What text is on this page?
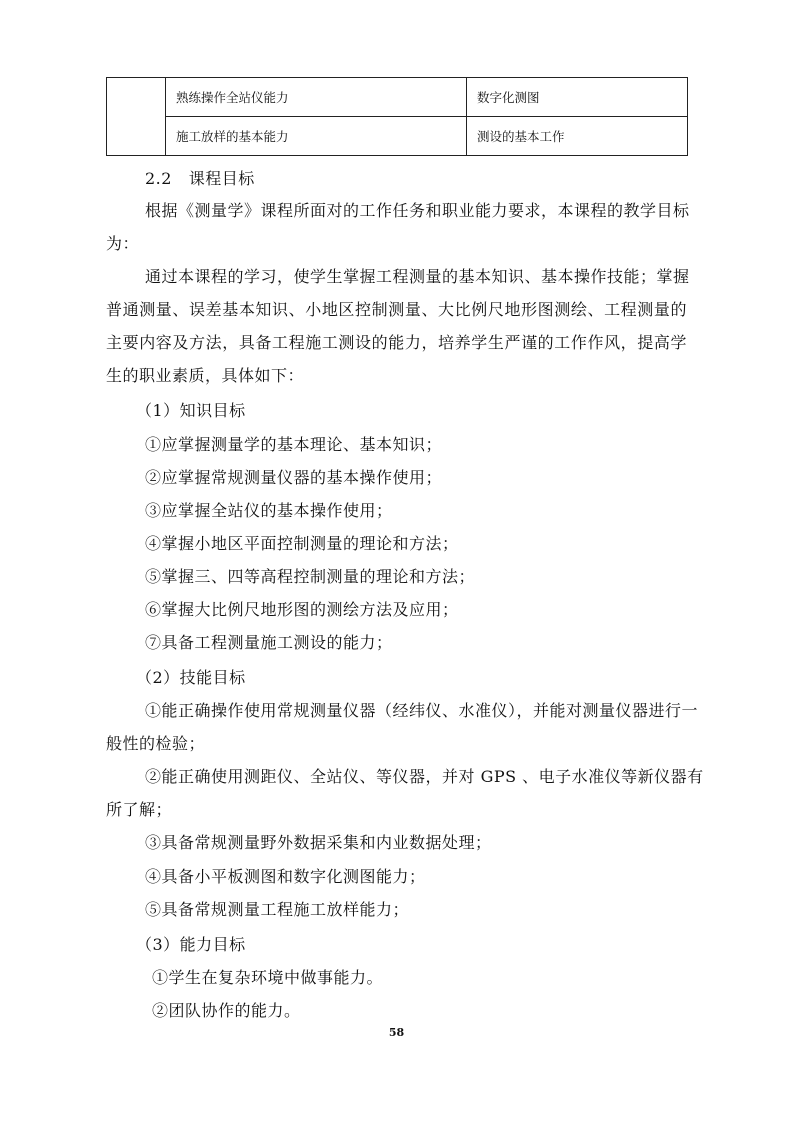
	熟练操作全站仪能力	数字化测图
	施工放样的基本能力	测设的基本工作
2.2 课程目标
根据《测量学》课程所面对的工作任务和职业能力要求，本课程的教学目标
为：
通过本课程的学习，使学生掌握工程测量的基本知识、基本操作技能；掌握
普通测量、误差基本知识、小地区控制测量、大比例尺地形图测绘、工程测量的
主要内容及方法，具备工程施工测设的能力，培养学生严谨的工作作风，提高学
生的职业素质，具体如下：
（1）知识目标
①应掌握测量学的基本理论、基本知识；
②应掌握常规测量仪器的基本操作使用；
③应掌握全站仪的基本操作使用；
④掌握小地区平面控制测量的理论和方法；
⑤掌握三、四等高程控制测量的理论和方法；
⑥掌握大比例尺地形图的测绘方法及应用；
⑦具备工程测量施工测设的能力；
（2）技能目标
①能正确操作使用常规测量仪器（经纬仪、水准仪），并能对测量仪器进行一
般性的检验；
②能正确使用测距仪、全站仪、等仪器，并对 GPS 、电子水准仪等新仪器有
所了解；
③具备常规测量野外数据采集和内业数据处理；
④具备小平板测图和数字化测图能力；
⑤具备常规测量工程施工放样能力；
（3）能力目标
①学生在复杂环境中做事能力。
②团队协作的能力。
58
